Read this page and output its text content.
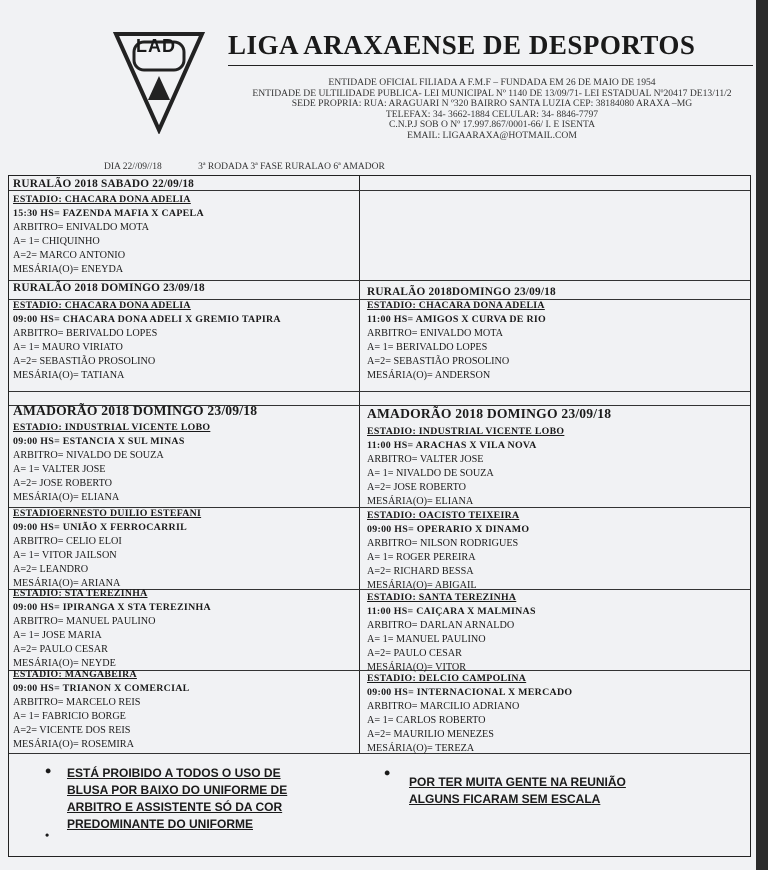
LAD LIGA ARAXAENSE DE DESPORTOS
ENTIDADE OFICIAL FILIADA A F.M.F – FUNDADA EM 26 DE MAIO DE 1954
ENTIDADE DE ULTILIDADE PUBLICA- LEI MUNICIPAL Nº 1140 DE 13/09/71- LEI ESTADUAL Nº20417 DE13/11/2
SEDE PROPRIA: RUA: ARAGUARI N º320 BAIRRO SANTA LUZIA CEP: 38184080 ARAXA –MG
TELEFAX: 34- 3662-1884 CELULAR: 34- 8846-7797
C.N.P.J SOB O Nº 17.997.867/0001-66/ I. E ISENTA
EMAIL: LIGAARAXA@HOTMAIL.COM
DIA 22//09//18	3ª RODADA 3ª FASE RURALAO 6ª AMADOR
RURALÃO 2018 SABADO 22/09/18
ESTADIO: CHACARA DONA ADELIA
15:30 HS= FAZENDA MAFIA X CAPELA
ARBITRO= ENIVALDO MOTA
A= 1= CHIQUINHO
A=2= MARCO ANTONIO
MESÁRIA(O)= ENEYDA
RURALÃO 2018 DOMINGO 23/09/18
ESTADIO: CHACARA DONA ADELIA
09:00 HS= CHACARA DONA ADELI X GREMIO TAPIRA
ARBITRO= BERIVALDO LOPES
A= 1= MAURO VIRIATO
A=2= SEBASTIÃO PROSOLINO
MESÁRIA(O)= TATIANA
RURALÃO 2018DOMINGO 23/09/18
ESTADIO: CHACARA DONA ADELIA
11:00 HS= AMIGOS X CURVA DE RIO
ARBITRO= ENIVALDO MOTA
A= 1= BERIVALDO LOPES
A=2= SEBASTIÃO PROSOLINO
MESÁRIA(O)= ANDERSON
AMADORÃO 2018 DOMINGO 23/09/18
ESTADIO: INDUSTRIAL VICENTE LOBO
09:00 HS= ESTANCIA X SUL MINAS
ARBITRO= NIVALDO DE SOUZA
A= 1= VALTER JOSE
A=2= JOSE ROBERTO
MESÁRIA(O)= ELIANA
AMADORÃO 2018 DOMINGO 23/09/18
ESTADIO: INDUSTRIAL VICENTE LOBO
11:00 HS= ARACHAS X VILA NOVA
ARBITRO= VALTER JOSE
A= 1= NIVALDO DE SOUZA
A=2= JOSE ROBERTO
MESÁRIA(O)= ELIANA
ESTADIOERNESTO DUILIO ESTEFANI
09:00 HS= UNIÃO X FERROCARRIL
ARBITRO= CELIO ELOI
A= 1= VITOR JAILSON
A=2= LEANDRO
MESÁRIA(O)= ARIANA
ESTADIO: OACISTO TEIXEIRA
09:00 HS= OPERARIO X DINAMO
ARBITRO= NILSON RODRIGUES
A= 1= ROGER PEREIRA
A=2= RICHARD BESSA
MESÁRIA(O)= ABIGAIL
ESTADIO: STA TEREZINHA
09:00 HS= IPIRANGA X STA TEREZINHA
ARBITRO= MANUEL PAULINO
A= 1= JOSE MARIA
A=2= PAULO CESAR
MESÁRIA(O)= NEYDE
ESTADIO: SANTA TEREZINHA
11:00 HS= CAIÇARA X MALMINAS
ARBITRO= DARLAN ARNALDO
A= 1= MANUEL PAULINO
A=2= PAULO CESAR
MESÁRIA(O)= VITOR
ESTADIO: MANGABEIRA
09:00 HS= TRIANON X COMERCIAL
ARBITRO= MARCELO REIS
A= 1= FABRICIO BORGE
A=2= VICENTE DOS REIS
MESÁRIA(O)= ROSEMIRA
ESTADIO: DELCIO CAMPOLINA
09:00 HS= INTERNACIONAL X MERCADO
ARBITRO= MARCILIO ADRIANO
A= 1= CARLOS ROBERTO
A=2= MAURILIO MENEZES
MESÁRIA(O)= TEREZA
• ESTÁ PROIBIDO A TODOS O USO DE
BLUSA POR BAIXO DO UNIFORME DE
ARBITRO E ASSISTENTE SÓ DA COR
PREDOMINANTE DO UNIFORME
•
• POR TER MUITA GENTE NA REUNIÃO
ALGUNS FICARAM SEM ESCALA
